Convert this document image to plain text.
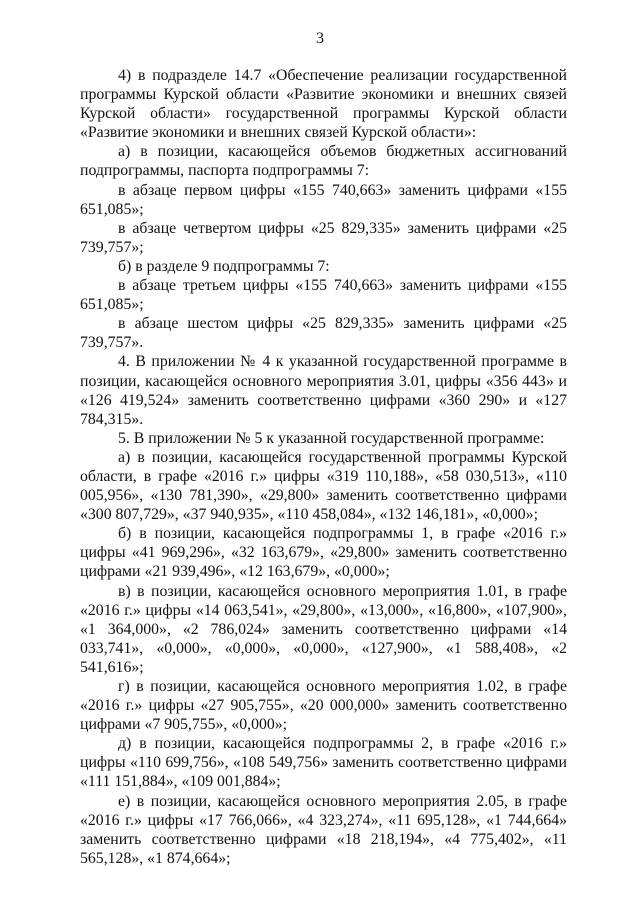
3

4) в подразделе 14.7 «Обеспечение реализации государственной программы Курской области «Развитие экономики и внешних связей Курской области» государственной программы Курской области «Развитие экономики и внешних связей Курской области»:

а) в позиции, касающейся объемов бюджетных ассигнований подпрограммы, паспорта подпрограммы 7:

в абзаце первом цифры «155 740,663» заменить цифрами «155 651,085»;

в абзаце четвертом цифры «25 829,335» заменить цифрами «25 739,757»;

б) в разделе 9 подпрограммы 7:

в абзаце третьем цифры «155 740,663» заменить цифрами «155 651,085»;

в абзаце шестом цифры «25 829,335» заменить цифрами «25 739,757».

4. В приложении № 4 к указанной государственной программе в позиции, касающейся основного мероприятия 3.01, цифры «356 443» и «126 419,524» заменить соответственно цифрами «360 290» и «127 784,315».

5. В приложении № 5 к указанной государственной программе:

а) в позиции, касающейся государственной программы Курской области, в графе «2016 г.» цифры «319 110,188», «58 030,513», «110 005,956», «130 781,390», «29,800» заменить соответственно цифрами «300 807,729», «37 940,935», «110 458,084», «132 146,181», «0,000»;

б) в позиции, касающейся подпрограммы 1, в графе «2016 г.» цифры «41 969,296», «32 163,679», «29,800» заменить соответственно цифрами «21 939,496», «12 163,679», «0,000»;

в) в позиции, касающейся основного мероприятия 1.01, в графе «2016 г.» цифры «14 063,541», «29,800», «13,000», «16,800», «107,900», «1 364,000», «2 786,024» заменить соответственно цифрами «14 033,741», «0,000», «0,000», «0,000», «127,900», «1 588,408», «2 541,616»;

г) в позиции, касающейся основного мероприятия 1.02, в графе «2016 г.» цифры «27 905,755», «20 000,000» заменить соответственно цифрами «7 905,755», «0,000»;

д) в позиции, касающейся подпрограммы 2, в графе «2016 г.» цифры «110 699,756», «108 549,756» заменить соответственно цифрами «111 151,884», «109 001,884»;

е) в позиции, касающейся основного мероприятия 2.05, в графе «2016 г.» цифры «17 766,066», «4 323,274», «11 695,128», «1 744,664» заменить соответственно цифрами «18 218,194», «4 775,402», «11 565,128», «1 874,664»;
